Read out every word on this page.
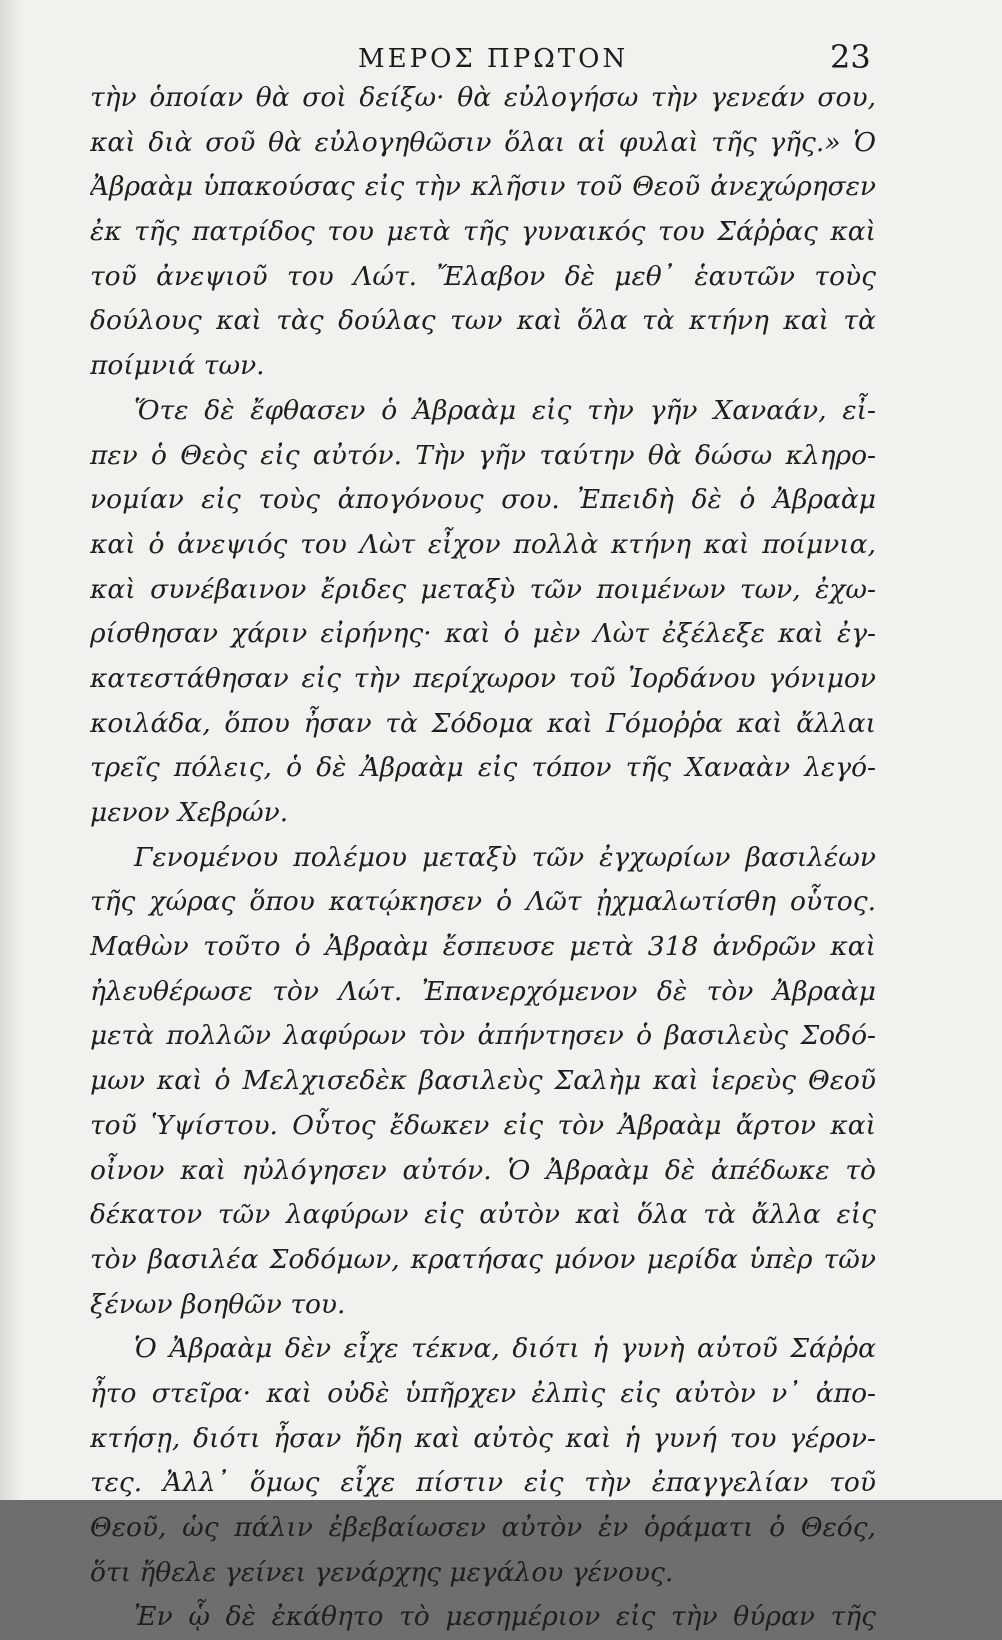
ΜΕΡΟΣ ΠΡΩΤΟΝ	23
τὴν ὁποίαν θὰ σοὶ δείξω· θὰ εὐλογήσω τὴν γενεάν σου,
καὶ διὰ σοῦ θὰ εὐλογηθῶσιν ὅλαι αἱ φυλαὶ τῆς γῆς.» Ὁ
Ἀβραὰμ ὑπακούσας εἰς τὴν κλῆσιν τοῦ Θεοῦ ἀνεχώρησεν
ἐκ τῆς πατρίδος του μετὰ τῆς γυναικός του Σάῤῥας καὶ
τοῦ ἀνεψιοῦ του Λώτ. Ἔλαβον δὲ μεθ᾿ ἑαυτῶν τοὺς
δούλους καὶ τὰς δούλας των καὶ ὅλα τὰ κτήνη καὶ τὰ
ποίμνιά των.
Ὅτε δὲ ἔφθασεν ὁ Ἀβραὰμ εἰς τὴν γῆν Χαναάν, εἶ-
πεν ὁ Θεὸς εἰς αὐτόν. Τὴν γῆν ταύτην θὰ δώσω κληρο-
νομίαν εἰς τοὺς ἀπογόνους σου. Ἐπειδὴ δὲ ὁ Ἀβραὰμ
καὶ ὁ ἀνεψιός του Λὼτ εἶχον πολλὰ κτήνη καὶ ποίμνια,
καὶ συνέβαινον ἔριδες μεταξὺ τῶν ποιμένων των, ἐχω-
ρίσθησαν χάριν εἰρήνης· καὶ ὁ μὲν Λὼτ ἐξέλεξε καὶ ἐγ-
κατεστάθησαν εἰς τὴν περίχωρον τοῦ Ἰορδάνου γόνιμον
κοιλάδα, ὅπου ἦσαν τὰ Σόδομα καὶ Γόμοῤῥα καὶ ἄλλαι
τρεῖς πόλεις, ὁ δὲ Ἀβραὰμ εἰς τόπον τῆς Χαναὰν λεγό-
μενον Χεβρών.
Γενομένου πολέμου μεταξὺ τῶν ἐγχωρίων βασιλέων
τῆς χώρας ὅπου κατῴκησεν ὁ Λῶτ ᾐχμαλωτίσθη οὗτος.
Μαθὼν τοῦτο ὁ Ἀβραὰμ ἔσπευσε μετὰ 318 ἀνδρῶν καὶ
ἠλευθέρωσε τὸν Λώτ. Ἐπανερχόμενον δὲ τὸν Ἀβραὰμ
μετὰ πολλῶν λαφύρων τὸν ἀπήντησεν ὁ βασιλεὺς Σοδό-
μων καὶ ὁ Μελχισεδὲκ βασιλεὺς Σαλὴμ καὶ ἱερεὺς Θεοῦ
τοῦ Ὑψίστου. Οὗτος ἔδωκεν εἰς τὸν Ἀβραὰμ ἄρτον καὶ
οἶνον καὶ ηὐλόγησεν αὐτόν. Ὁ Ἀβραὰμ δὲ ἀπέδωκε τὸ
δέκατον τῶν λαφύρων εἰς αὐτὸν καὶ ὅλα τὰ ἄλλα εἰς
τὸν βασιλέα Σοδόμων, κρατήσας μόνον μερίδα ὑπὲρ τῶν
ξένων βοηθῶν του.
Ὁ Ἀβραὰμ δὲν εἶχε τέκνα, διότι ἡ γυνὴ αὐτοῦ Σάῤῥα
ἦτο στεῖρα· καὶ οὐδὲ ὑπῆρχεν ἐλπὶς εἰς αὐτὸν ν᾿ ἀπο-
κτήσῃ, διότι ἦσαν ἤδη καὶ αὐτὸς καὶ ἡ γυνή του γέρον-
τες. Ἀλλ᾿ ὅμως εἶχε πίστιν εἰς τὴν ἐπαγγελίαν τοῦ
Θεοῦ, ὡς πάλιν ἐβεβαίωσεν αὐτὸν ἐν ὁράματι ὁ Θεός,
ὅτι ἤθελε γείνει γενάρχης μεγάλου γένους.
Ἐν ᾧ δὲ ἐκάθητο τὸ μεσημέριον εἰς τὴν θύραν τῆς
